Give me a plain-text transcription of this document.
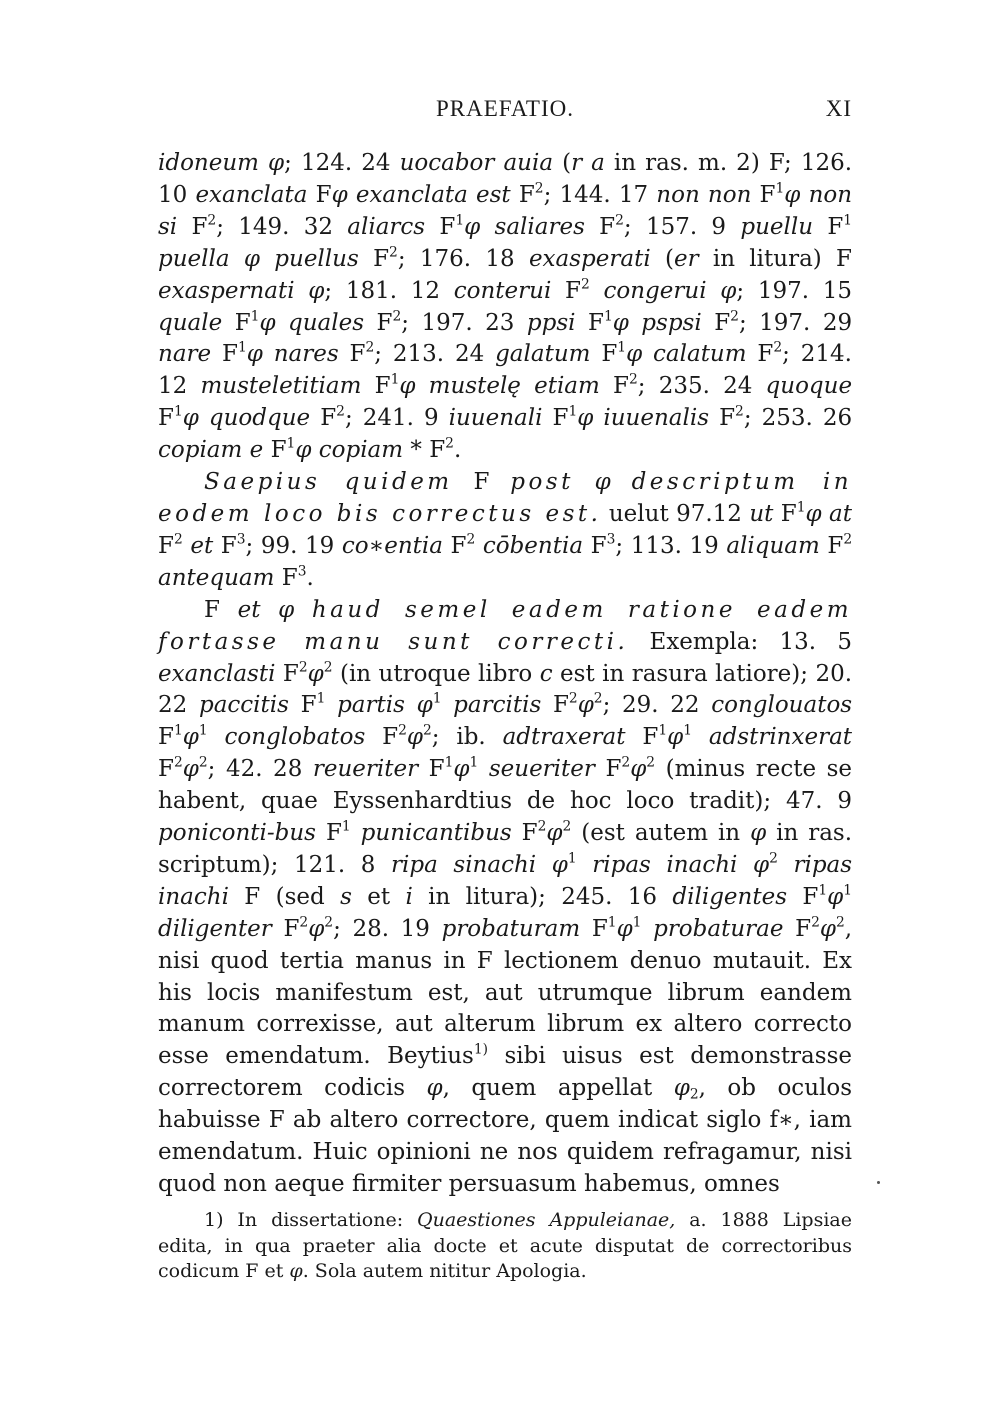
PRAEFATIO.	XI

idoneum φ; 124. 24 uocabor auia (r a in ras. m. 2) F; 126. 10 exanclata Fφ exanclata est $F^2$; 144. 17 non non $F^1\varphi$ non si $F^2$; 149. 32 aliarcs $F^1\varphi$ saliares $F^2$; 157. 9 puellu $F^1$ puella φ puellus $F^2$; 176. 18 exasperati (er in litura) F exaspernati φ; 181. 12 conterui $F^2$ congerui φ; 197. 15 quale $F^1\varphi$ quales $F^2$; 197. 23 ppsi $F^1\varphi$ pspsi $F^2$; 197. 29 nare $F^1\varphi$ nares $F^2$; 213. 24 galatum $F^1\varphi$ calatum $F^2$; 214. 12 musteletitiam $F^1\varphi$ mustelę etiam $F^2$; 235. 24 quoque $F^1\varphi$ quodque $F^2$; 241. 9 iuuenali $F^1\varphi$ iuuenalis $F^2$; 253. 26 copiam e $F^1\varphi$ copiam * $F^2$.

Saepius quidem F post φ descriptum in eodem loco bis correctus est. uelut 97.12 ut $F^1\varphi$ at $F^2$ et $F^3$; 99. 19 co∗entia $F^2$ cōbentia $F^3$; 113. 19 aliquam $F^2$ antequam $F^3$.

F et φ haud semel eadem ratione eadem fortasse manu sunt correcti. Exempla: 13. 5 exanclasti $F^2\varphi^2$ (in utroque libro c est in rasura latiore); 20. 22 paccitis $F^1$ partis $\varphi^1$ parcitis $F^2\varphi^2$; 29. 22 conglouatos $F^1\varphi^1$ conglobatos $F^2\varphi^2$; ib. adtraxerat $F^1\varphi^1$ adstrinxerat $F^2\varphi^2$; 42. 28 reueriter $F^1\varphi^1$ seueriter $F^2\varphi^2$ (minus recte se habent, quae Eyssenhardtius de hoc loco tradit); 47. 9 poniconti-bus $F^1$ punicantibus $F^2\varphi^2$ (est autem in φ in ras. scriptum); 121. 8 ripa sinachi $\varphi^1$ ripas inachi $\varphi^2$ ripas inachi F (sed s et i in litura); 245. 16 diligentes $F^1\varphi^1$ diligenter $F^2\varphi^2$; 28. 19 probaturam $F^1\varphi^1$ probaturae $F^2\varphi^2$, nisi quod tertia manus in F lectionem denuo mutauit. Ex his locis manifestum est, aut utrumque librum eandem manum correxisse, aut alterum librum ex altero correcto esse emendatum. Beytius$^{1)}$ sibi uisus est demonstrasse correctorem codicis φ, quem appellat $\varphi_2$, ob oculos habuisse F ab altero correctore, quem indicat siglo f∗, iam emendatum. Huic opinioni ne nos quidem refragamur, nisi quod non aeque firmiter persuasum habemus, omnes

1) In dissertatione: Quaestiones Appuleianae, a. 1888 Lipsiae edita, in qua praeter alia docte et acute disputat de correctoribus codicum F et φ. Sola autem nititur Apologia.
